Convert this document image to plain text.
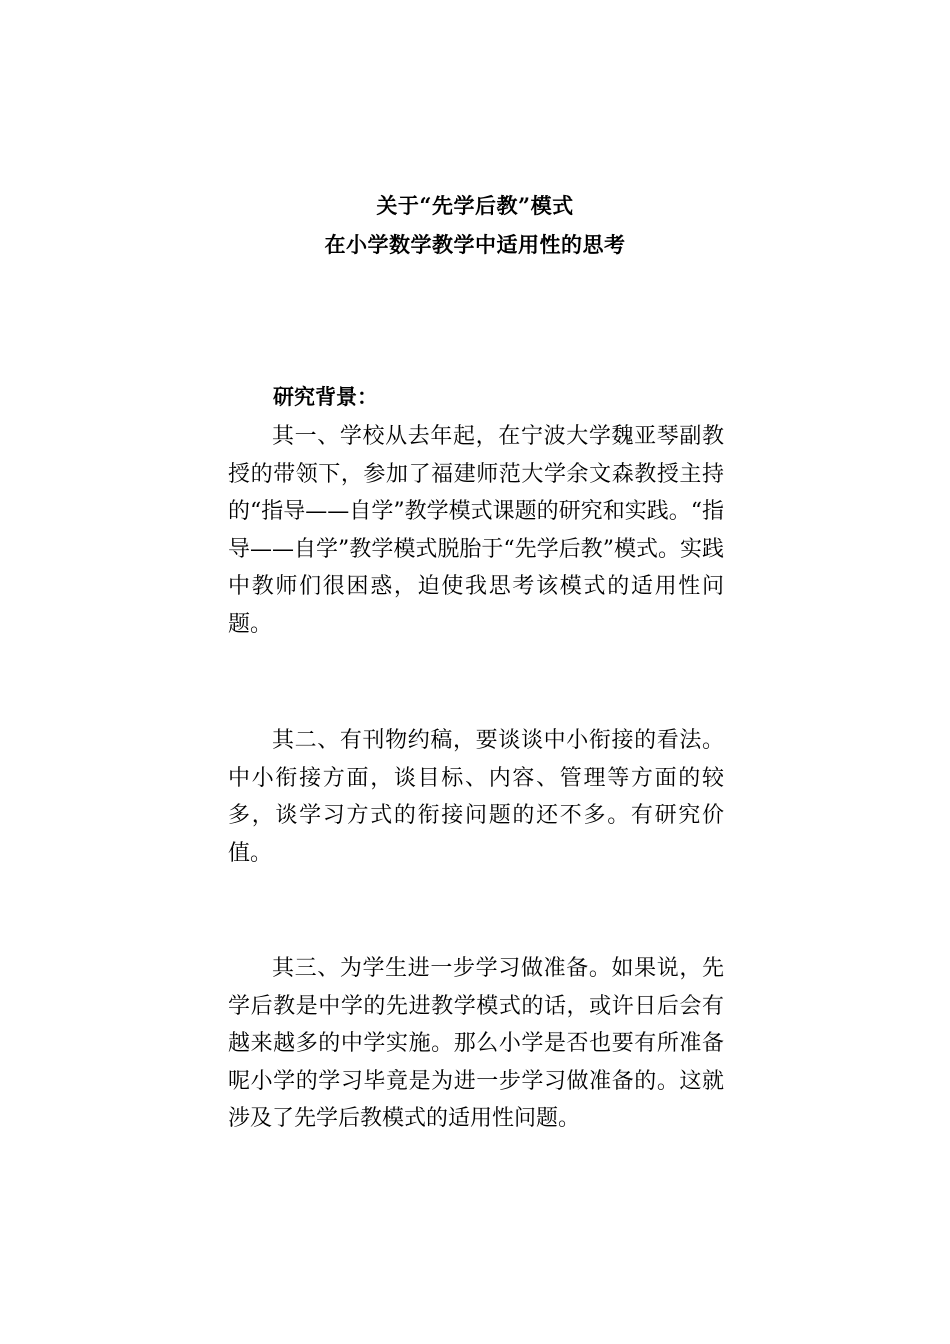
关于“先学后教”模式
在小学数学教学中适用性的思考
研究背景：

其一、学校从去年起，在宁波大学魏亚琴副教授的带领下，参加了福建师范大学余文森教授主持的“指导——自学”教学模式课题的研究和实践。“指导——自学”教学模式脱胎于“先学后教”模式。实践中教师们很困惑，迫使我思考该模式的适用性问题。

其二、有刊物约稿，要谈谈中小衔接的看法。中小衔接方面，谈目标、内容、管理等方面的较多，谈学习方式的衔接问题的还不多。有研究价值。

其三、为学生进一步学习做准备。如果说，先学后教是中学的先进教学模式的话，或许日后会有越来越多的中学实施。那么小学是否也要有所准备呢小学的学习毕竟是为进一步学习做准备的。这就涉及了先学后教模式的适用性问题。
